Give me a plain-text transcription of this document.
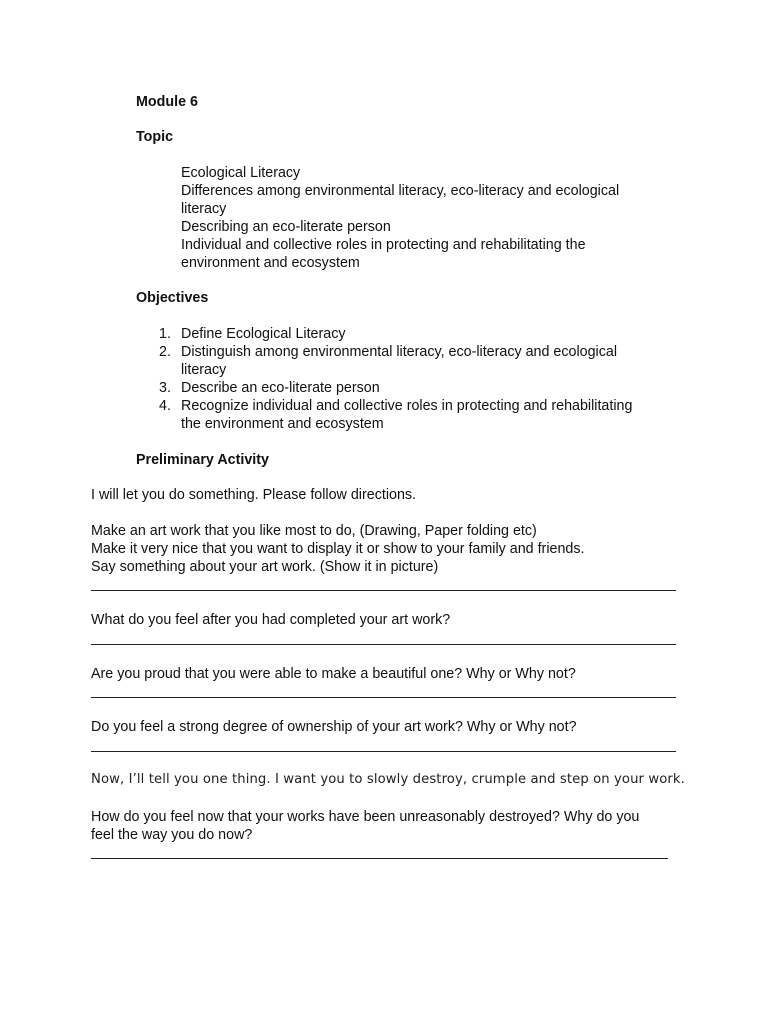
Module 6
Topic
Ecological Literacy
Differences among environmental literacy, eco-literacy and ecological
literacy
Describing an eco-literate person
Individual and collective roles in protecting and rehabilitating the
environment and ecosystem
Objectives
1. Define Ecological Literacy
2. Distinguish among environmental literacy, eco-literacy and ecological
literacy
3. Describe an eco-literate person
4. Recognize individual and collective roles in protecting and rehabilitating
the environment and ecosystem
Preliminary Activity
I will let you do something. Please follow directions.
Make an art work that you like most to do, (Drawing, Paper folding etc)
Make it very nice that you want to display it or show to your family and friends.
Say something about your art work. (Show it in picture)
What do you feel after you had completed your art work?
Are you proud that you were able to make a beautiful one? Why or Why not?
Do you feel a strong degree of ownership of your art work? Why or Why not?
Now, I’ll tell you one thing. I want you to slowly destroy, crumple and step on your work.
How do you feel now that your works have been unreasonably destroyed? Why do you
feel the way you do now?
